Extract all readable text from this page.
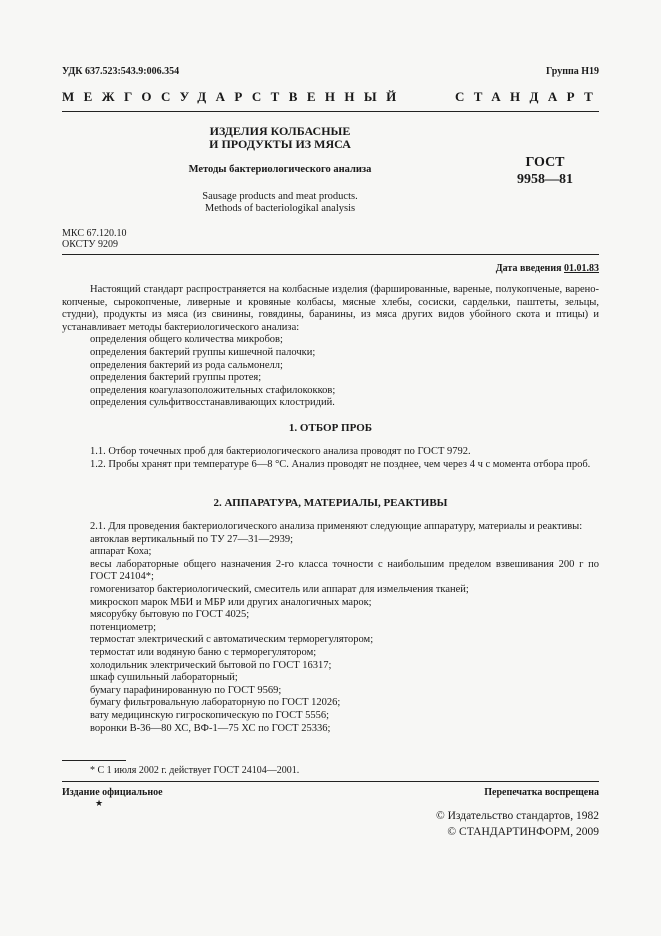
УДК 637.523:543.9:006.354	Группа Н19
МЕЖГОСУДАРСТВЕННЫЙ	СТАНДАРТ
ИЗДЕЛИЯ КОЛБАСНЫЕ
И ПРОДУКТЫ ИЗ МЯСА
Методы бактериологического анализа
Sausage products and meat products.
Methods of bacteriologikal analysis
ГОСТ
9958—81
МКС 67.120.10
ОКСТУ 9209
Дата введения 01.01.83
Настоящий стандарт распространяется на колбасные изделия (фаршированные, вареные, полукопченые, варено-копченые, сырокопченые, ливерные и кровяные колбасы, мясные хлебы, сосиски, сардельки, паштеты, зельцы, студни), продукты из мяса (из свинины, говядины, баранины, из мяса других видов убойного скота и птицы) и устанавливает методы бактериологического анализа:
определения общего количества микробов;
определения бактерий группы кишечной палочки;
определения бактерий из рода сальмонелл;
определения бактерий группы протея;
определения коагулазоположительных стафилококков;
определения сульфитвосстанавливающих клостридий.
1. ОТБОР ПРОБ
1.1. Отбор точечных проб для бактериологического анализа проводят по ГОСТ 9792.
1.2. Пробы хранят при температуре 6—8 °С. Анализ проводят не позднее, чем через 4 ч с момента отбора проб.
2. АППАРАТУРА, МАТЕРИАЛЫ, РЕАКТИВЫ
2.1. Для проведения бактериологического анализа применяют следующие аппаратуру, материалы и реактивы:
автоклав вертикальный по ТУ 27—31—2939;
аппарат Коха;
весы лабораторные общего назначения 2-го класса точности с наибольшим пределом взвешивания 200 г по ГОСТ 24104*;
гомогенизатор бактериологический, смеситель или аппарат для измельчения тканей;
микроскоп марок МБИ и МБР или других аналогичных марок;
мясорубку бытовую по ГОСТ 4025;
потенциометр;
термостат электрический с автоматическим терморегулятором;
термостат или водяную баню с терморегулятором;
холодильник электрический бытовой по ГОСТ 16317;
шкаф сушильный лабораторный;
бумагу парафинированную по ГОСТ 9569;
бумагу фильтровальную лабораторную по ГОСТ 12026;
вату медицинскую гигроскопическую по ГОСТ 5556;
воронки В-36—80 ХС, ВФ-1—75 ХС по ГОСТ 25336;
* С 1 июля 2002 г. действует ГОСТ 24104—2001.
Издание официальное
★
Перепечатка воспрещена
© Издательство стандартов, 1982
© СТАНДАРТИНФОРМ, 2009
